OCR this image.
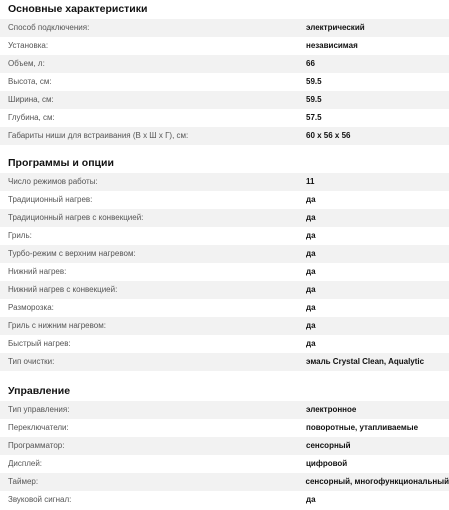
Основные характеристики
Способ подключения:	электрический
Установка:	независимая
Объем, л:	66
Высота, см:	59.5
Ширина, см:	59.5
Глубина, см:	57.5
Габариты ниши для встраивания (В x Ш x Г), см:	60 x 56 x 56
Программы и опции
Число режимов работы:	11
Традиционный нагрев:	да
Традиционный нагрев с конвекцией:	да
Гриль:	да
Турбо-режим с верхним нагревом:	да
Нижний нагрев:	да
Нижний нагрев с конвекцией:	да
Разморозка:	да
Гриль с нижним нагревом:	да
Быстрый нагрев:	да
Тип очистки:	эмаль Crystal Clean, Aqualytic
Управление
Тип управления:	электронное
Переключатели:	поворотные, утапливаемые
Программатор:	сенсорный
Дисплей:	цифровой
Таймер:	сенсорный, многофункциональный
Звуковой сигнал:	да
